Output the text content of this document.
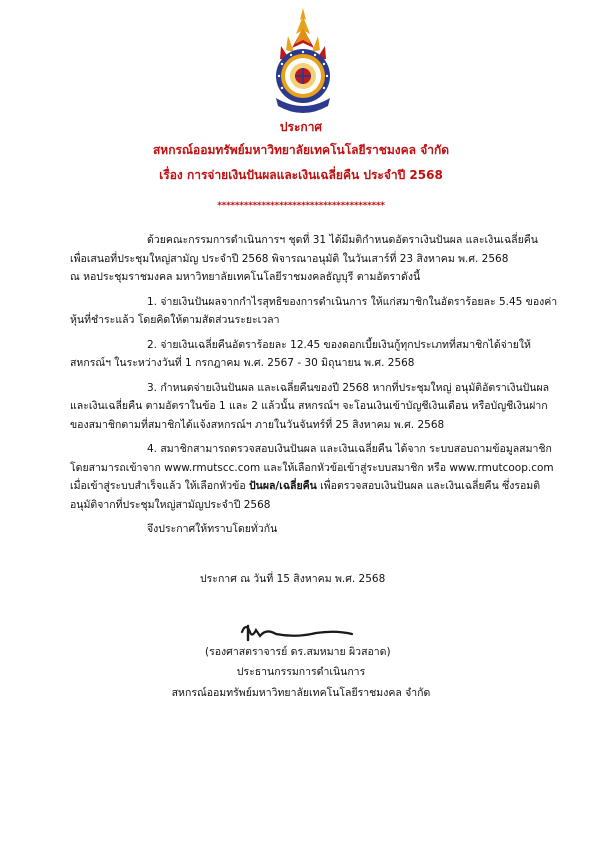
ประกาศ
สหกรณ์ออมทรัพย์มหาวิทยาลัยเทคโนโลยีราชมงคล จำกัด
เรื่อง การจ่ายเงินปันผลและเงินเฉลี่ยคืน ประจำปี 2568
**************************************

ด้วยคณะกรรมการดำเนินการฯ ชุดที่ 31 ได้มีมติกำหนดอัตราเงินปันผล และเงินเฉลี่ยคืน

เพื่อเสนอที่ประชุมใหญ่สามัญ ประจำปี 2568 พิจารณาอนุมัติ ในวันเสาร์ที่ 23 สิงหาคม พ.ศ. 2568

ณ หอประชุมราชมงคล มหาวิทยาลัยเทคโนโลยีราชมงคลธัญบุรี ตามอัตราดังนี้

1. จ่ายเงินปันผลจากกำไรสุทธิของการดำเนินการ ให้แก่สมาชิกในอัตราร้อยละ 5.45 ของค่า

หุ้นที่ชำระแล้ว โดยคิดให้ตามสัดส่วนระยะเวลา

2. จ่ายเงินเฉลี่ยคืนอัตราร้อยละ 12.45 ของดอกเบี้ยเงินกู้ทุกประเภทที่สมาชิกได้จ่ายให้

สหกรณ์ฯ ในระหว่างวันที่ 1 กรกฎาคม พ.ศ. 2567 - 30 มิถุนายน พ.ศ. 2568

3. กำหนดจ่ายเงินปันผล และเฉลี่ยคืนของปี 2568 หากที่ประชุมใหญ่ อนุมัติอัตราเงินปันผล

และเงินเฉลี่ยคืน ตามอัตราในข้อ 1 และ 2 แล้วนั้น สหกรณ์ฯ จะโอนเงินเข้าบัญชีเงินเดือน หรือบัญชีเงินฝาก

ของสมาชิกตามที่สมาชิกได้แจ้งสหกรณ์ฯ ภายในวันจันทร์ที่ 25 สิงหาคม พ.ศ. 2568

4. สมาชิกสามารถตรวจสอบเงินปันผล และเงินเฉลี่ยคืน ได้จาก ระบบสอบถามข้อมูลสมาชิก

โดยสามารถเข้าจาก www.rmutscc.com และให้เลือกหัวข้อเข้าสู่ระบบสมาชิก หรือ www.rmutcoop.com

เมื่อเข้าสู่ระบบสำเร็จแล้ว ให้เลือกหัวข้อ ปันผล/เฉลี่ยคืน เพื่อตรวจสอบเงินปันผล และเงินเฉลี่ยคืน ซึ่งรอมติ

อนุมัติจากที่ประชุมใหญ่สามัญประจำปี 2568

จึงประกาศให้ทราบโดยทั่วกัน

ประกาศ ณ วันที่ 15 สิงหาคม พ.ศ. 2568
(รองศาสตราจารย์ ดร.สมหมาย ผิวสอาด)
ประธานกรรมการดำเนินการ
สหกรณ์ออมทรัพย์มหาวิทยาลัยเทคโนโลยีราชมงคล จำกัด
